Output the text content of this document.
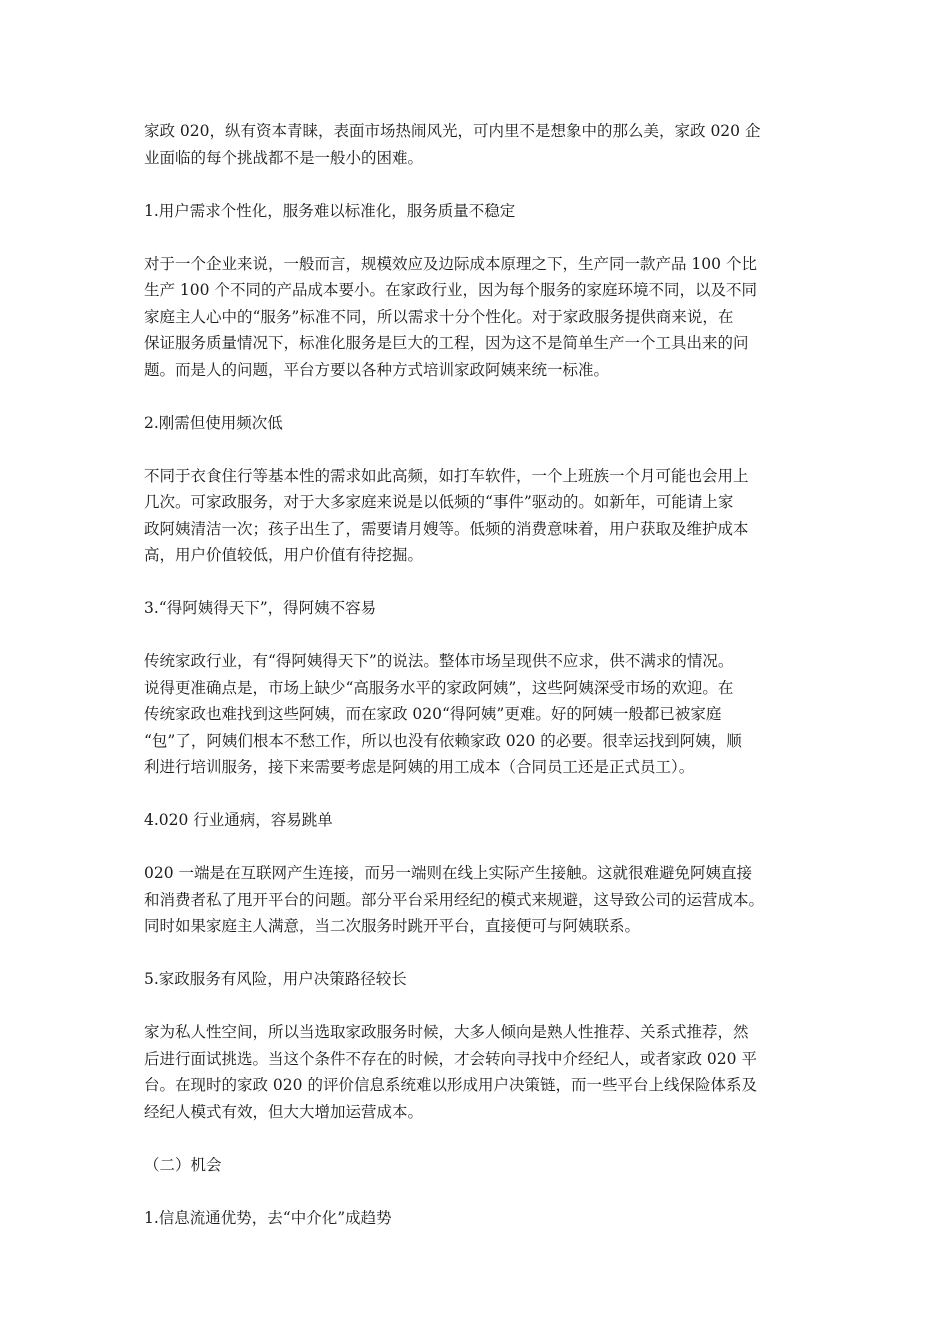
家政 020，纵有资本青睐，表面市场热闹风光，可内里不是想象中的那么美，家政 020 企
业面临的每个挑战都不是一般小的困难。

1.用户需求个性化，服务难以标准化，服务质量不稳定

对于一个企业来说，一般而言，规模效应及边际成本原理之下，生产同一款产品 100 个比
生产 100 个不同的产品成本要小。在家政行业，因为每个服务的家庭环境不同，以及不同
家庭主人心中的“服务”标准不同，所以需求十分个性化。对于家政服务提供商来说，在
保证服务质量情况下，标准化服务是巨大的工程，因为这不是简单生产一个工具出来的问
题。而是人的问题，平台方要以各种方式培训家政阿姨来统一标准。

2.刚需但使用频次低

不同于衣食住行等基本性的需求如此高频，如打车软件，一个上班族一个月可能也会用上
几次。可家政服务，对于大多家庭来说是以低频的“事件”驱动的。如新年，可能请上家
政阿姨清洁一次；孩子出生了，需要请月嫂等。低频的消费意味着，用户获取及维护成本
高，用户价值较低，用户价值有待挖掘。

3.“得阿姨得天下”，得阿姨不容易

传统家政行业，有“得阿姨得天下”的说法。整体市场呈现供不应求，供不满求的情况。
说得更准确点是，市场上缺少“高服务水平的家政阿姨”，这些阿姨深受市场的欢迎。在
传统家政也难找到这些阿姨，而在家政 020“得阿姨”更难。好的阿姨一般都已被家庭
“包”了，阿姨们根本不愁工作，所以也没有依赖家政 020 的必要。很幸运找到阿姨，顺
利进行培训服务，接下来需要考虑是阿姨的用工成本（合同员工还是正式员工）。

4.020 行业通病，容易跳单

020 一端是在互联网产生连接，而另一端则在线上实际产生接触。这就很难避免阿姨直接
和消费者私了甩开平台的问题。部分平台采用经纪的模式来规避，这导致公司的运营成本。
同时如果家庭主人满意，当二次服务时跳开平台，直接便可与阿姨联系。

5.家政服务有风险，用户决策路径较长

家为私人性空间，所以当选取家政服务时候，大多人倾向是熟人性推荐、关系式推荐，然
后进行面试挑选。当这个条件不存在的时候，才会转向寻找中介经纪人，或者家政 020 平
台。在现时的家政 020 的评价信息系统难以形成用户决策链，而一些平台上线保险体系及
经纪人模式有效，但大大增加运营成本。

（二）机会

1.信息流通优势，去“中介化”成趋势
